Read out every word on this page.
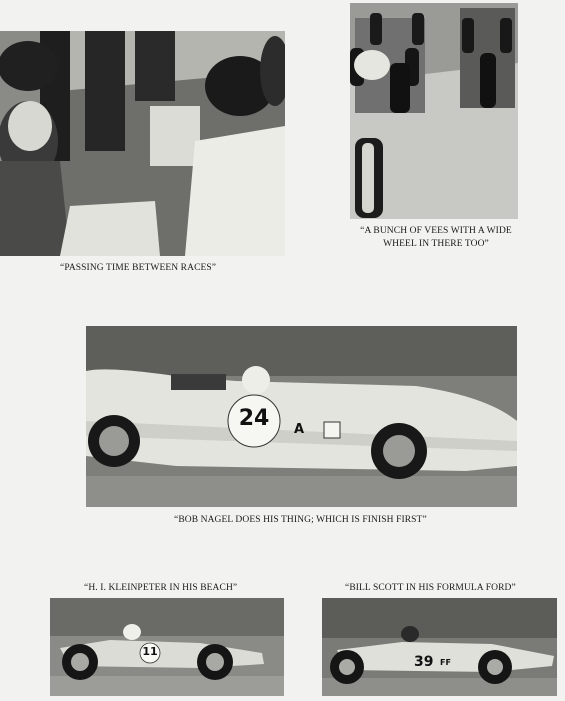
“PASSING TIME BETWEEN RACES”
“A BUNCH OF VEES WITH A WIDE
WHEEL IN THERE TOO”
24	A
“BOB NAGEL DOES HIS THING; WHICH IS FINISH FIRST”
“H. I. KLEINPETER IN HIS BEACH”
11
“BILL SCOTT IN HIS FORMULA FORD”
39 FF
